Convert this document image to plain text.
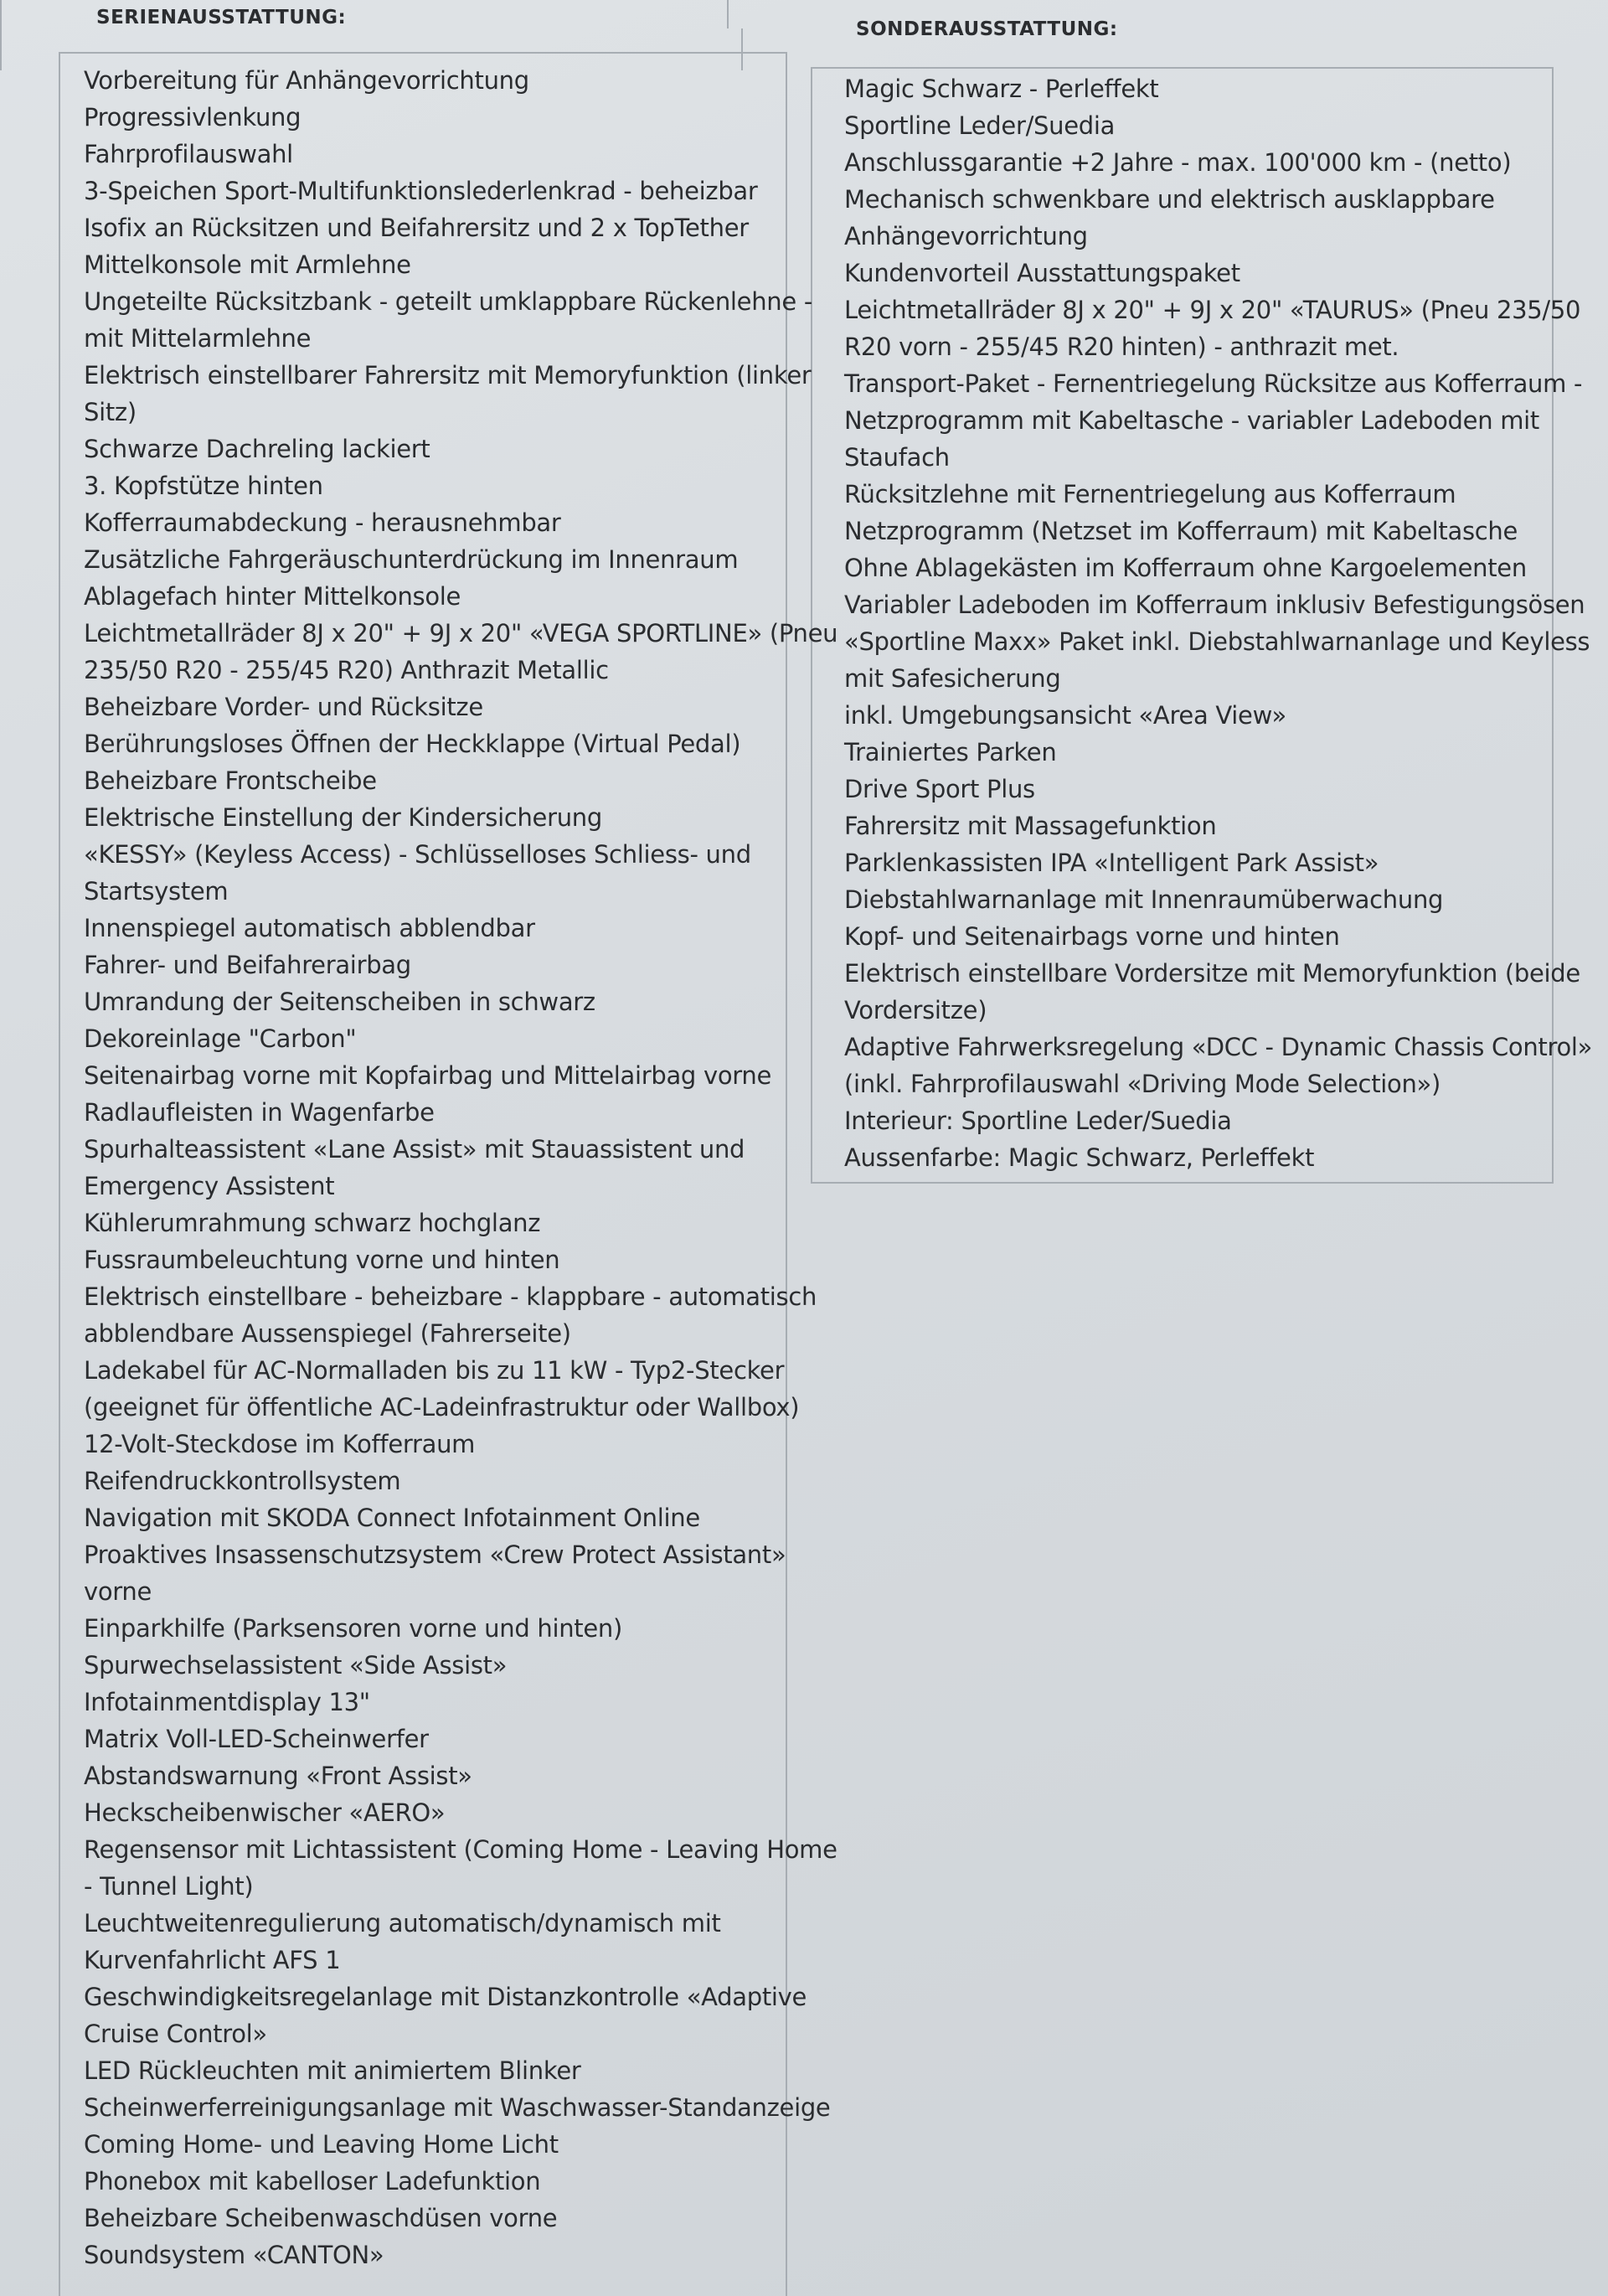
SERIENAUSSTATTUNG:
SONDERAUSSTATTUNG:
Vorbereitung für Anhängevorrichtung
Progressivlenkung
Fahrprofilauswahl
3-Speichen Sport-Multifunktionslederlenkrad - beheizbar
Isofix an Rücksitzen und Beifahrersitz und 2 x TopTether
Mittelkonsole mit Armlehne
Ungeteilte Rücksitzbank - geteilt umklappbare Rückenlehne -
mit Mittelarmlehne
Elektrisch einstellbarer Fahrersitz mit Memoryfunktion (linker
Sitz)
Schwarze Dachreling lackiert
3. Kopfstütze hinten
Kofferraumabdeckung - herausnehmbar
Zusätzliche Fahrgeräuschunterdrückung im Innenraum
Ablagefach hinter Mittelkonsole
Leichtmetallräder 8J x 20" + 9J x 20" «VEGA SPORTLINE» (Pneu
235/50 R20 - 255/45 R20) Anthrazit Metallic
Beheizbare Vorder- und Rücksitze
Berührungsloses Öffnen der Heckklappe (Virtual Pedal)
Beheizbare Frontscheibe
Elektrische Einstellung der Kindersicherung
«KESSY» (Keyless Access) - Schlüsselloses Schliess- und
Startsystem
Innenspiegel automatisch abblendbar
Fahrer- und Beifahrerairbag
Umrandung der Seitenscheiben in schwarz
Dekoreinlage "Carbon"
Seitenairbag vorne mit Kopfairbag und Mittelairbag vorne
Radlaufleisten in Wagenfarbe
Spurhalteassistent «Lane Assist» mit Stauassistent und
Emergency Assistent
Kühlerumrahmung schwarz hochglanz
Fussraumbeleuchtung vorne und hinten
Elektrisch einstellbare - beheizbare - klappbare - automatisch
abblendbare Aussenspiegel (Fahrerseite)
Ladekabel für AC-Normalladen bis zu 11 kW - Typ2-Stecker
(geeignet für öffentliche AC-Ladeinfrastruktur oder Wallbox)
12-Volt-Steckdose im Kofferraum
Reifendruckkontrollsystem
Navigation mit SKODA Connect Infotainment Online
Proaktives Insassenschutzsystem «Crew Protect Assistant»
vorne
Einparkhilfe (Parksensoren vorne und hinten)
Spurwechselassistent «Side Assist»
Infotainmentdisplay 13"
Matrix Voll-LED-Scheinwerfer
Abstandswarnung «Front Assist»
Heckscheibenwischer «AERO»
Regensensor mit Lichtassistent (Coming Home - Leaving Home
- Tunnel Light)
Leuchtweitenregulierung automatisch/dynamisch mit
Kurvenfahrlicht AFS 1
Geschwindigkeitsregelanlage mit Distanzkontrolle «Adaptive
Cruise Control»
LED Rückleuchten mit animiertem Blinker
Scheinwerferreinigungsanlage mit Waschwasser-Standanzeige
Coming Home- und Leaving Home Licht
Phonebox mit kabelloser Ladefunktion
Beheizbare Scheibenwaschdüsen vorne
Soundsystem «CANTON»
Magic Schwarz - Perleffekt
Sportline Leder/Suedia
Anschlussgarantie +2 Jahre - max. 100'000 km - (netto)
Mechanisch schwenkbare und elektrisch ausklappbare
Anhängevorrichtung
Kundenvorteil Ausstattungspaket
Leichtmetallräder 8J x 20" + 9J x 20" «TAURUS» (Pneu 235/50
R20 vorn - 255/45 R20 hinten) - anthrazit met.
Transport-Paket - Fernentriegelung Rücksitze aus Kofferraum -
Netzprogramm mit Kabeltasche - variabler Ladeboden mit
Staufach
Rücksitzlehne mit Fernentriegelung aus Kofferraum
Netzprogramm (Netzset im Kofferraum) mit Kabeltasche
Ohne Ablagekästen im Kofferraum ohne Kargoelementen
Variabler Ladeboden im Kofferraum inklusiv Befestigungsösen
«Sportline Maxx» Paket inkl. Diebstahlwarnanlage und Keyless
mit Safesicherung
inkl. Umgebungsansicht «Area View»
Trainiertes Parken
Drive Sport Plus
Fahrersitz mit Massagefunktion
Parklenkassisten IPA «Intelligent Park Assist»
Diebstahlwarnanlage mit Innenraumüberwachung
Kopf- und Seitenairbags vorne und hinten
Elektrisch einstellbare Vordersitze mit Memoryfunktion (beide
Vordersitze)
Adaptive Fahrwerksregelung «DCC - Dynamic Chassis Control»
(inkl. Fahrprofilauswahl «Driving Mode Selection»)
Interieur: Sportline Leder/Suedia
Aussenfarbe: Magic Schwarz, Perleffekt
